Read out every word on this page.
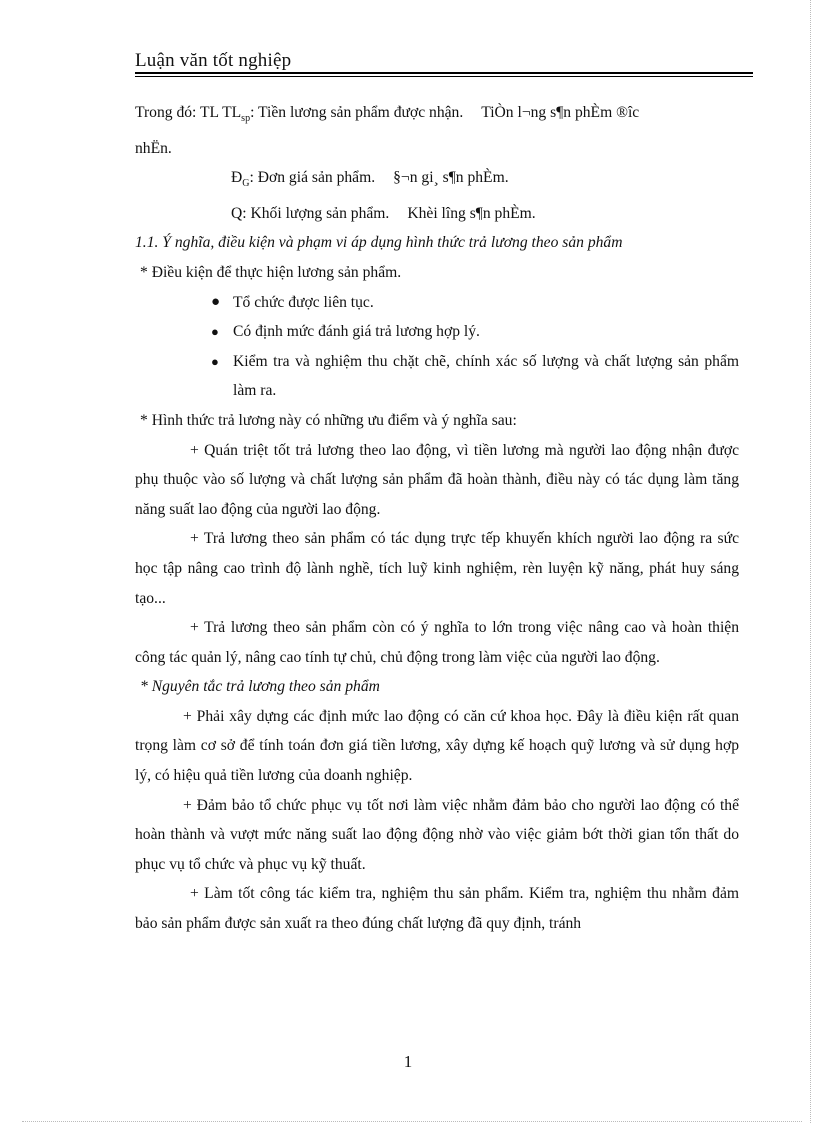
Luận văn tốt nghiệp

Trong đó: TL $TL_{sp}$: Tiền lương sản phẩm được nhận. TiÒn l¬ng s¶n phÈm ®îc

nhËn.

$Đ_G$: Đơn giá sản phẩm. §¬n gi¸ s¶n phÈm.

Q: Khối lượng sản phẩm. Khèi lîng s¶n phÈm.

1.1. Ý nghĩa, điều kiện và phạm vi áp dụng hình thức trả lương theo sản phẩm

* Điều kiện để thực hiện lương sản phẩm.

● Tổ chức được liên tục.
● Có định mức đánh giá trả lương hợp lý.
● Kiểm tra và nghiệm thu chặt chẽ, chính xác số lượng và chất lượng sản phẩm làm ra.

* Hình thức trả lương này có những ưu điểm và ý nghĩa sau:

+ Quán triệt tốt trả lương theo lao động, vì tiền lương mà người lao động nhận được phụ thuộc vào số lượng và chất lượng sản phẩm đã hoàn thành, điều này có tác dụng làm tăng năng suất lao động của người lao động.

+ Trả lương theo sản phẩm có tác dụng trực tếp khuyến khích người lao động ra sức học tập nâng cao trình độ lành nghề, tích luỹ kinh nghiệm, rèn luyện kỹ năng, phát huy sáng tạo...

+ Trả lương theo sản phẩm còn có ý nghĩa to lớn trong việc nâng cao và hoàn thiện công tác quản lý, nâng cao tính tự chủ, chủ động trong làm việc của người lao động.

* Nguyên tắc trả lương theo sản phẩm

+ Phải xây dựng các định mức lao động có căn cứ khoa học. Đây là điều kiện rất quan trọng làm cơ sở để tính toán đơn giá tiền lương, xây dựng kế hoạch quỹ lương và sử dụng hợp lý, có hiệu quả tiền lương của doanh nghiệp.

+ Đảm bảo tổ chức phục vụ tốt nơi làm việc nhằm đảm bảo cho người lao động có thể hoàn thành và vượt mức năng suất lao động động nhờ vào việc giảm bớt thời gian tổn thất do phục vụ tổ chức và phục vụ kỹ thuất.

+ Làm tốt công tác kiểm tra, nghiệm thu sản phẩm. Kiểm tra, nghiệm thu nhằm đảm bảo sản phẩm được sản xuất ra theo đúng chất lượng đã quy định, tránh

1
